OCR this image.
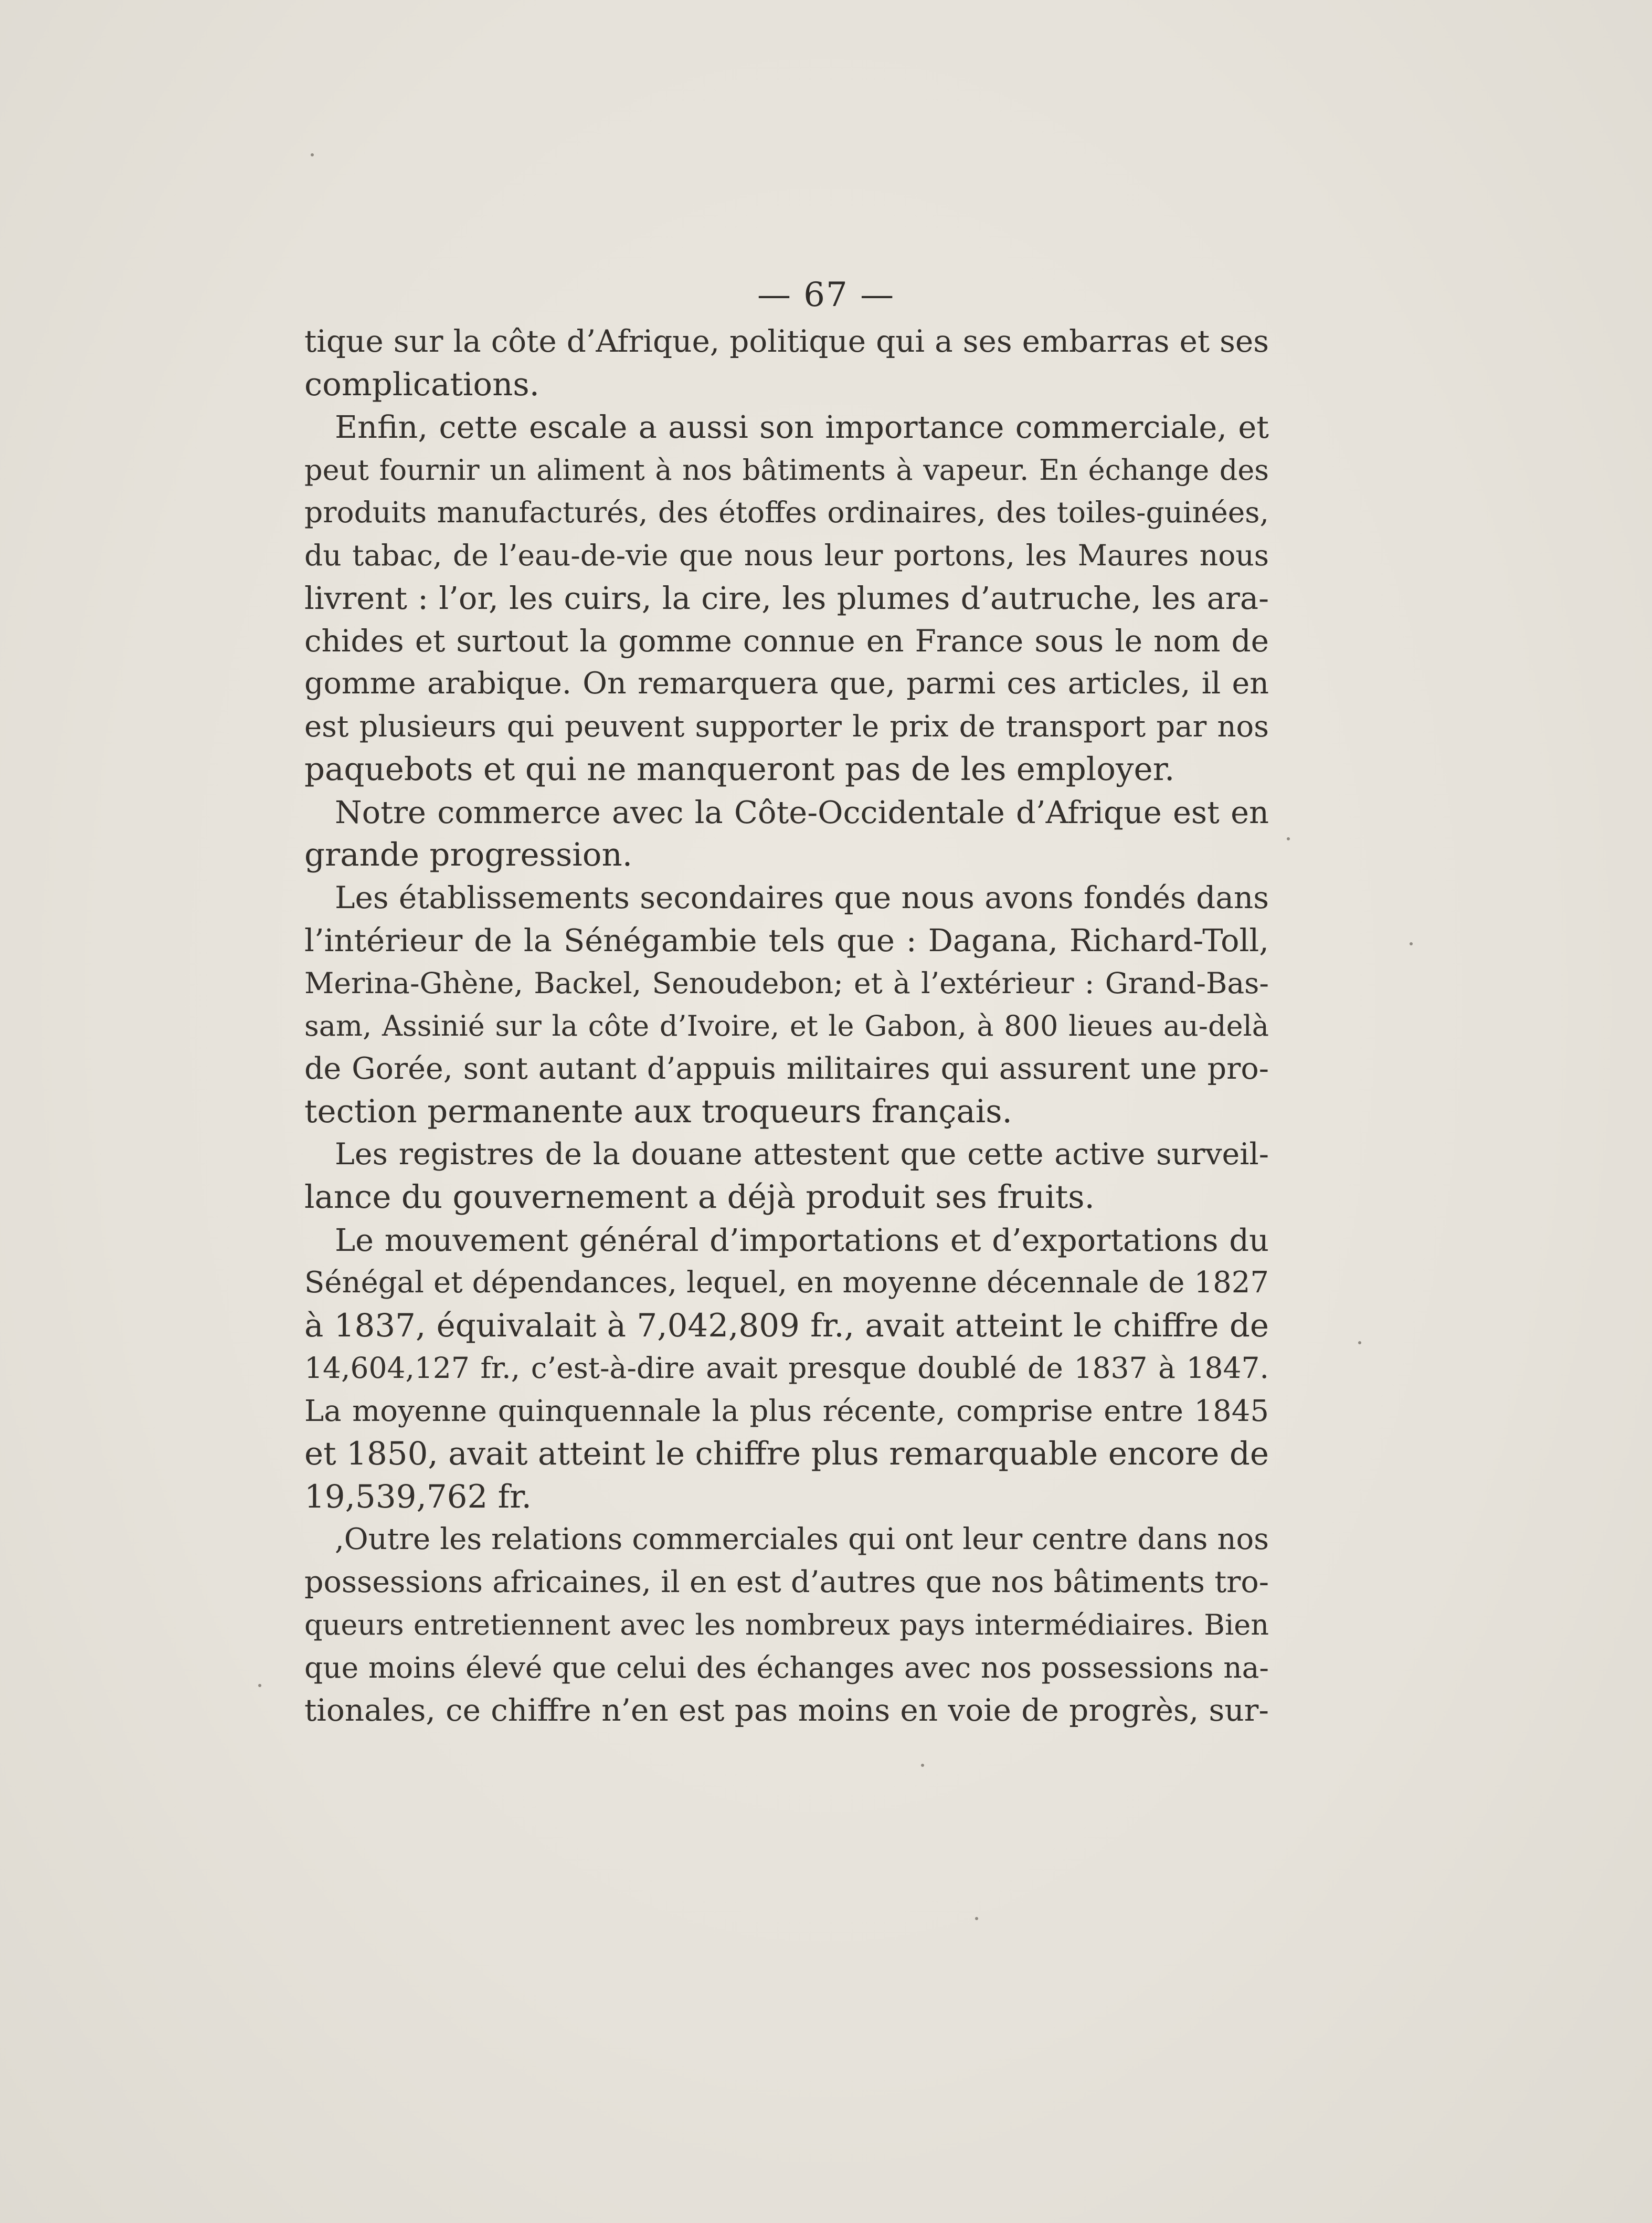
— 67 —
tique sur la côte d’Afrique, politique qui a ses embarras et ses
complications.
Enfin, cette escale a aussi son importance commerciale, et
peut fournir un aliment à nos bâtiments à vapeur. En échange des
produits manufacturés, des étoffes ordinaires, des toiles-guinées,
du tabac, de l’eau-de-vie que nous leur portons, les Maures nous
livrent : l’or, les cuirs, la cire, les plumes d’autruche, les ara-
chides et surtout la gomme connue en France sous le nom de
gomme arabique. On remarquera que, parmi ces articles, il en
est plusieurs qui peuvent supporter le prix de transport par nos
paquebots et qui ne manqueront pas de les employer.
Notre commerce avec la Côte-Occidentale d’Afrique est en
grande progression.
Les établissements secondaires que nous avons fondés dans
l’intérieur de la Sénégambie tels que : Dagana, Richard-Toll,
Merina-Ghène, Backel, Senoudebon; et à l’extérieur : Grand-Bas-
sam, Assinié sur la côte d’Ivoire, et le Gabon, à 800 lieues au-delà
de Gorée, sont autant d’appuis militaires qui assurent une pro-
tection permanente aux troqueurs français.
Les registres de la douane attestent que cette active surveil-
lance du gouvernement a déjà produit ses fruits.
Le mouvement général d’importations et d’exportations du
Sénégal et dépendances, lequel, en moyenne décennale de 1827
à 1837, équivalait à 7,042,809 fr., avait atteint le chiffre de
14,604,127 fr., c’est-à-dire avait presque doublé de 1837 à 1847.
La moyenne quinquennale la plus récente, comprise entre 1845
et 1850, avait atteint le chiffre plus remarquable encore de
19,539,762 fr.
,Outre les relations commerciales qui ont leur centre dans nos
possessions africaines, il en est d’autres que nos bâtiments tro-
queurs entretiennent avec les nombreux pays intermédiaires. Bien
que moins élevé que celui des échanges avec nos possessions na-
tionales, ce chiffre n’en est pas moins en voie de progrès, sur-
